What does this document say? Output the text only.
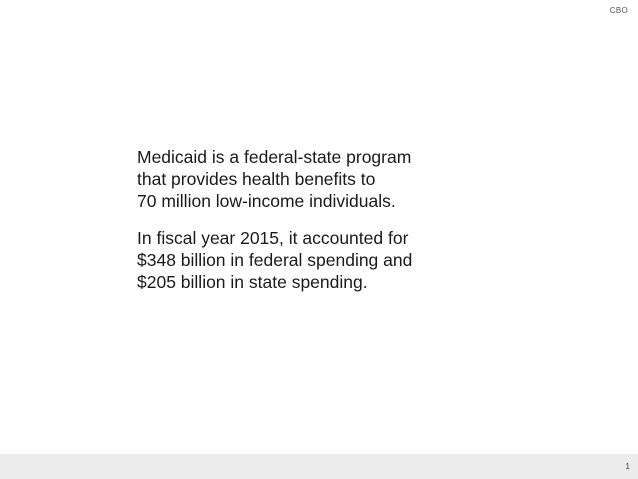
CBO

Medicaid is a federal-state program
that provides health benefits to
70 million low-income individuals.

In fiscal year 2015, it accounted for
$348 billion in federal spending and
$205 billion in state spending.

1
